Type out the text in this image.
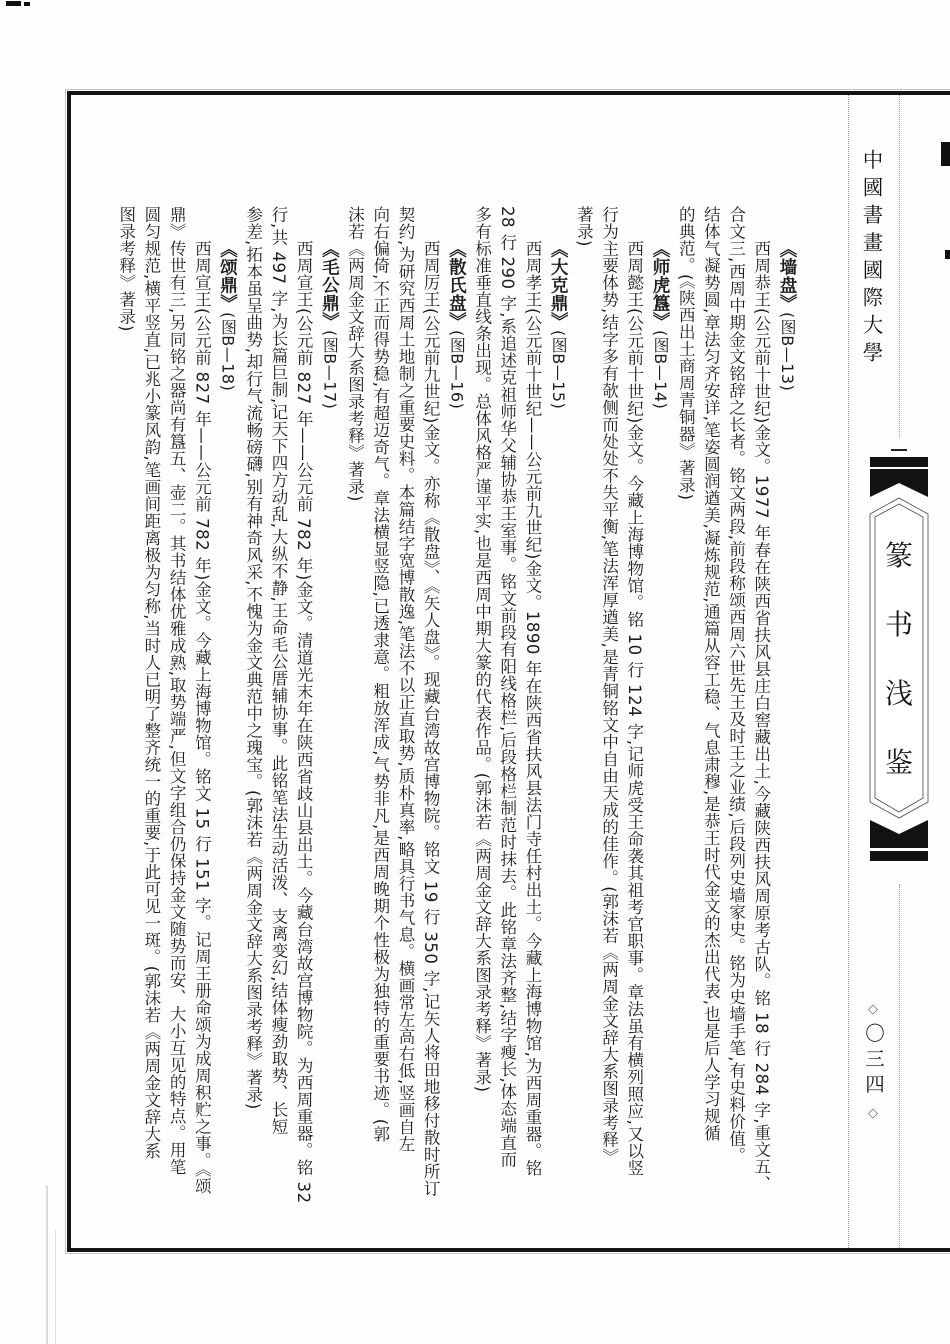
《墙盘》(图B—13)
西周恭王(公元前十世纪)金文。1977 年春在陕西省扶风县庄白窖藏出土,今藏陕西扶风周原考古队。铭 18 行 284 字,重文五、
合文三,西周中期金文铭辞之长者。铭文两段,前段称颂西周六世先王及时王之业绩,后段列史墙家史。铭为史墙手笔,有史料价值。
结体气凝势圆,章法匀齐安详,笔姿圆润遒美,凝炼规范,通篇从容工稳、气息肃穆,是恭王时代金文的杰出代表,也是后人学习规循
的典范。(《陕西出土商周青铜器》著录)
《师虎簋》(图B—14)
西周懿王(公元前十世纪)金文。今藏上海博物馆。铭 10 行 124 字,记师虎受王命袭其祖考官职事。章法虽有横列照应,又以竖
行为主要体势,结字多有欹侧而处处不失平衡,笔法浑厚遒美,是青铜铭文中自由天成的佳作。(郭沫若《两周金文辞大系图录考释》
著录)
《大克鼎》(图B—15)
西周孝王(公元前十世纪——公元前九世纪)金文。1890 年在陕西省扶风县法门寺任村出土。今藏上海博物馆,为西周重器。铭
28 行 290 字,系追述克祖师华父辅协恭王室事。铭文前段有阳线格栏,后段格栏制范时抹去。此铭章法齐整,结字瘦长,体态端直而
多有标准垂直线条出现。总体风格严谨平实,也是西周中期大篆的代表作品。(郭沫若《两周金文辞大系图录考释》著录)
《散氏盘》(图B—16)
西周厉王(公元前九世纪)金文。亦称《散盘》、《矢人盘》。现藏台湾故宫博物院。铭文 19 行 350 字,记矢人将田地移付散时所订
契约,为研究西周土地制之重要史料。本篇结字宽博散逸,笔法不以正直取势,质朴真率,略具行书气息。横画常左高右低,竖画自左
向右偏倚,不正而得势稳,有超迈奇气。章法横显竖隐,已透隶意。粗放浑成,气势非凡,是西周晚期个性极为独特的重要书迹。(郭
沫若《两周金文辞大系图录考释》著录)
《毛公鼎》(图B—17)
西周宣王(公元前 827 年——公元前 782 年)金文。清道光末年在陕西省歧山县出土。今藏台湾故宫博物院。为西周重器。铭 32
行,共 497 字,为长篇巨制,记天下四方动乱,大纵不静,王命毛公厝辅协事。此铭笔法生动活泼、支离变幻,结体瘦劲取势、长短
参差,拓本虽呈曲势,却行气流畅磅礴,别有神奇风采,不愧为金文典范中之瑰宝。(郭沫若《两周金文辞大系图录考释》著录)
《颂鼎》(图B—18)
西周宣王(公元前 827 年——公元前 782 年)金文。今藏上海博物馆。铭文 15 行 151 字。记周王册命颂为成周积贮之事。《颂
鼎》传世有三,另同铭之器尚有簋五、壶二。其书结体优雅成熟,取势端严,但文字组合仍保持金文随势而安、大小互见的特点。用笔
圆匀规范,横平竖直,已兆小篆风韵,笔画间距离极为匀称,当时人已明了整齐统一的重要,于此可见一斑。(郭沫若《两周金文辞大系
图录考释》著录)	中國書畫國際大學
篆
书
浅
鉴
◇
〇三四
◇
